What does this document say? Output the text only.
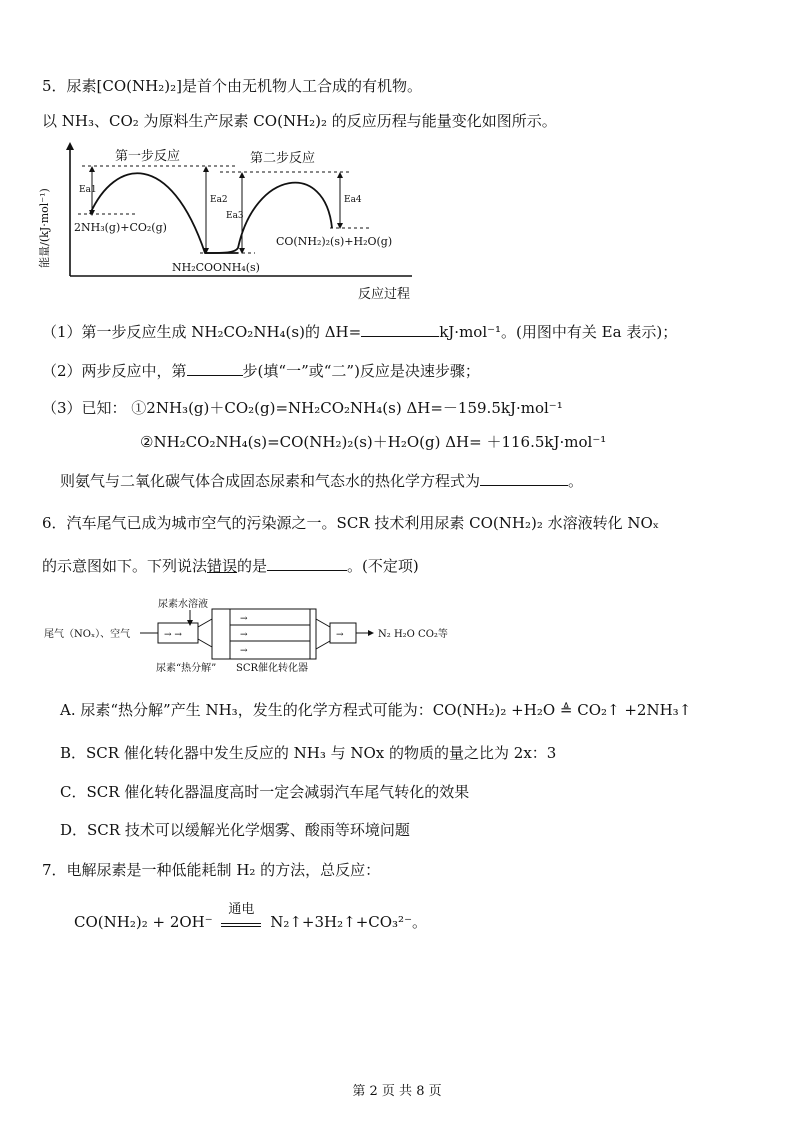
5．尿素[CO(NH₂)₂]是首个由无机物人工合成的有机物。
以 NH₃、CO₂ 为原料生产尿素 CO(NH₂)₂ 的反应历程与能量变化如图所示。
能量/(kJ·mol⁻¹)
反应过程
Ea1
Ea2
Ea3
Ea4
第一步反应	第二步反应
2NH₃(g)+CO₂(g)
NH₂COONH₄(s)
CO(NH₂)₂(s)+H₂O(g)
（1）第一步反应生成 NH₂CO₂NH₄(s)的 ΔH=	kJ·mol⁻¹。(用图中有关 Ea 表示)；
（2）两步反应中，第	步(填“一”或“二”)反应是决速步骤；
（3）已知： ①2NH₃(g)＋CO₂(g)=NH₂CO₂NH₄(s) ΔH=－159.5kJ·mol⁻¹
②NH₂CO₂NH₄(s)=CO(NH₂)₂(s)＋H₂O(g) ΔH= ＋116.5kJ·mol⁻¹
则氨气与二氧化碳气体合成固态尿素和气态水的热化学方程式为	。
6．汽车尾气已成为城市空气的污染源之一。SCR 技术利用尿素 CO(NH₂)₂ 水溶液转化 NOₓ
的示意图如下。下列说法错误的是	。(不定项)
尿素水溶液
尾气（NOₓ）、空气	→ →
→
→
→
→	N₂ H₂O CO₂等
尿素“热分解” SCR催化转化器
A. 尿素“热分解”产生 NH₃，发生的化学方程式可能为：CO(NH₂)₂ +H₂O ≜ CO₂↑ +2NH₃↑
B．SCR 催化转化器中发生反应的 NH₃ 与 NOx 的物质的量之比为 2x：3
C．SCR 催化转化器温度高时一定会减弱汽车尾气转化的效果
D．SCR 技术可以缓解光化学烟雾、酸雨等环境问题
7．电解尿素是一种低能耗制 H₂ 的方法，总反应：
CO(NH₂)₂ + 2OH⁻
通电
N₂↑+3H₂↑+CO₃²⁻。
第 2 页 共 8 页
